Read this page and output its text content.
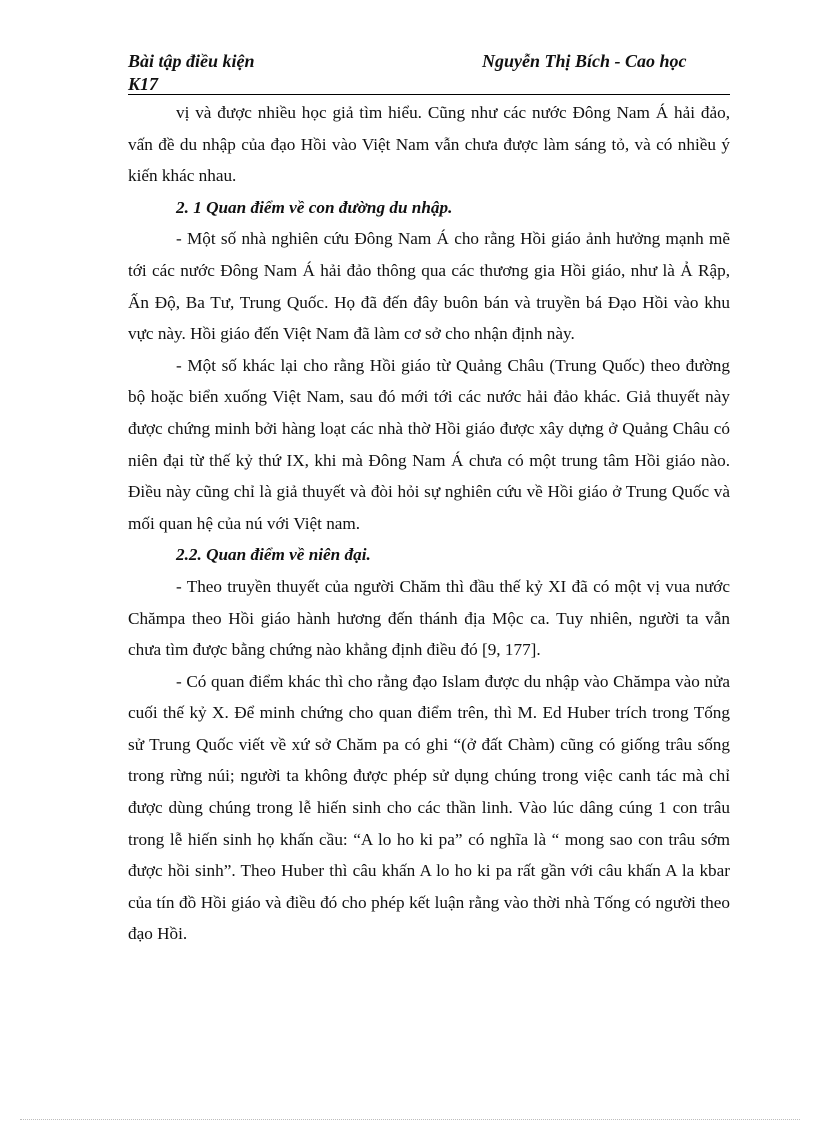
Bài tập điều kiện	Nguyễn Thị Bích - Cao học
K17

vị và được nhiều học giả tìm hiểu. Cũng như các nước Đông Nam Á hải đảo, vấn đề du nhập của đạo Hồi vào Việt Nam vẫn chưa được làm sáng tỏ, và có nhiều ý kiến khác nhau.

2. 1 Quan điểm về con đường du nhập.

- Một số nhà nghiên cứu Đông Nam Á cho rằng Hồi giáo ảnh hưởng mạnh mẽ tới các nước Đông Nam Á hải đảo thông qua các thương gia Hồi giáo, như là Ả Rập, Ấn Độ, Ba Tư, Trung Quốc. Họ đã đến đây buôn bán và truyền bá Đạo Hồi vào khu vực này. Hồi giáo đến Việt Nam đã làm cơ sở cho nhận định này.

- Một số khác lại cho rằng Hồi giáo từ Quảng Châu (Trung Quốc) theo đường bộ hoặc biển xuống Việt Nam, sau đó mới tới các nước hải đảo khác. Giả thuyết này được chứng minh bởi hàng loạt các nhà thờ Hồi giáo được xây dựng ở Quảng Châu có niên đại từ thế kỷ thứ IX, khi mà Đông Nam Á chưa có một trung tâm Hồi giáo nào. Điều này cũng chỉ là giả thuyết và đòi hỏi sự nghiên cứu về Hồi giáo ở Trung Quốc và mối quan hệ của nú với Việt nam.

2.2. Quan điểm về niên đại.

- Theo truyền thuyết của người Chăm thì đầu thế kỷ XI đã có một vị vua nước Chămpa theo Hồi giáo hành hương đến thánh địa Mộc ca. Tuy nhiên, người ta vẫn chưa tìm được bằng chứng nào khẳng định điều đó [9, 177].

- Có quan điểm khác thì cho rằng đạo Islam được du nhập vào Chămpa vào nửa cuối thế kỷ X. Để minh chứng cho quan điểm trên, thì M. Ed Huber trích trong Tống sử Trung Quốc viết về xứ sở Chăm pa có ghi “(ở đất Chàm) cũng có giống trâu sống trong rừng núi; người ta không được phép sử dụng chúng trong việc canh tác mà chỉ được dùng chúng trong lễ hiến sinh cho các thần linh. Vào lúc dâng cúng 1 con trâu trong lễ hiến sinh họ khấn cầu: “A lo ho ki pa” có nghĩa là “ mong sao con trâu sớm được hồi sinh”. Theo Huber thì câu khấn A lo ho ki pa rất gần với câu khấn A la kbar của tín đồ Hồi giáo và điều đó cho phép kết luận rằng vào thời nhà Tống có người theo đạo Hồi.
